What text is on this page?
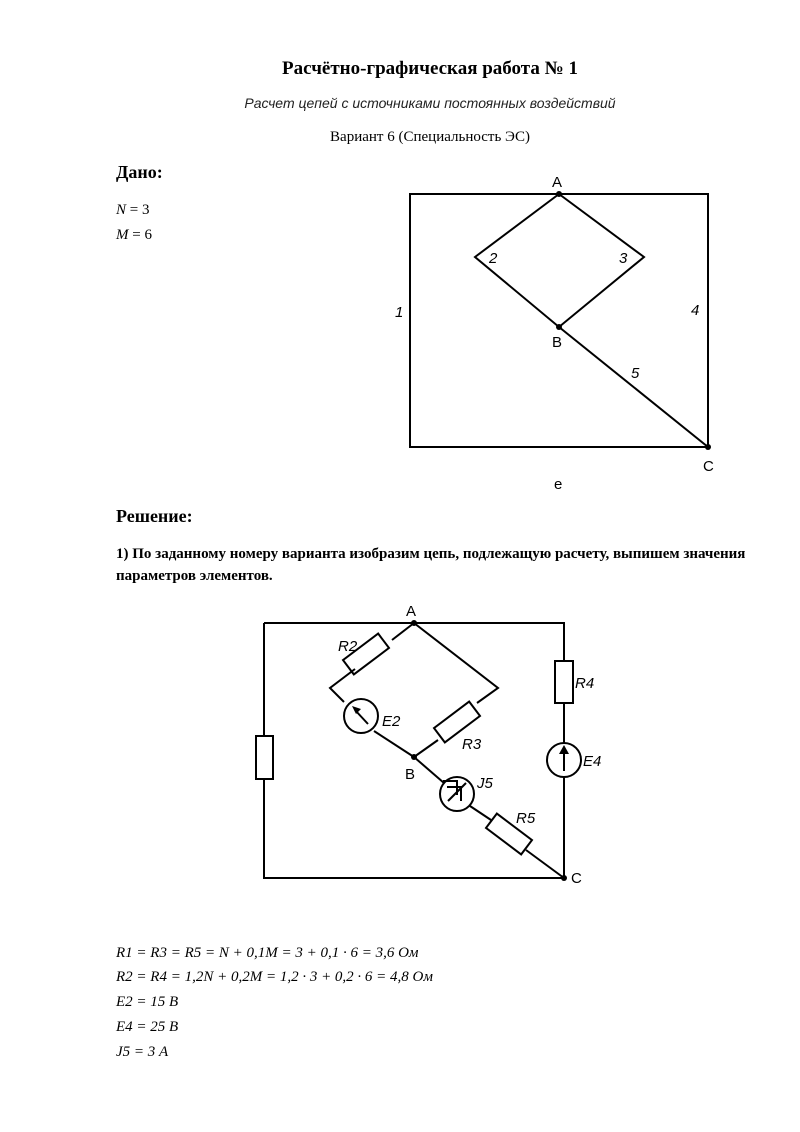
Расчётно-графическая работа № 1
Расчет цепей с источниками постоянных воздействий
Вариант 6 (Специальность ЭС)
Дано:
N = 3
M = 6
A
B
C
1
2	3
4
5
е
Решение:
1) По заданному номеру варианта изобразим цепь, подлежащую расчету, выпишем значения параметров элементов.
A
B
C
R2
R3
R4
R5
E2
E4
J5
R1 = R3 = R5 = N + 0,1M = 3 + 0,1 · 6 = 3,6 Ом
R2 = R4 = 1,2N + 0,2M = 1,2 · 3 + 0,2 · 6 = 4,8 Ом
E2 = 15 В
E4 = 25 В
J5 = 3 А
